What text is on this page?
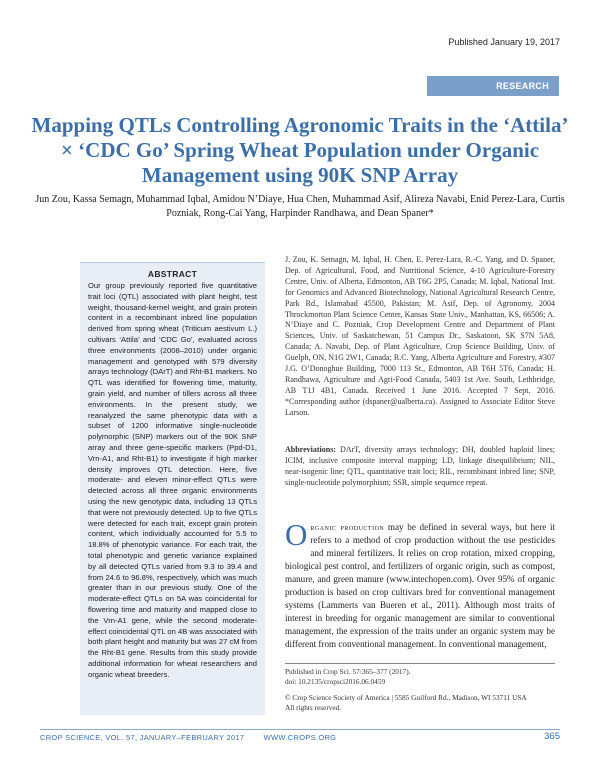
Published January 19, 2017
RESEARCH
Mapping QTLs Controlling Agronomic Traits in the ‘Attila’ × ‘CDC Go’ Spring Wheat Population under Organic Management using 90K SNP Array
Jun Zou, Kassa Semagn, Muhammad Iqbal, Amidou N’Diaye, Hua Chen, Muhammad Asif, Alireza Navabi, Enid Perez-Lara, Curtis Pozniak, Rong-Cai Yang, Harpinder Randhawa, and Dean Spaner*
ABSTRACT
Our group previously reported five quantitative trait loci (QTL) associated with plant height, test weight, thousand-kernel weight, and grain protein content in a recombinant inbred line population derived from spring wheat (Triticum aestivum L.) cultivars ‘Attila’ and ‘CDC Go’, evaluated across three environments (2008–2010) under organic management and genotyped with 579 diversity arrays technology (DArT) and Rht-B1 markers. No QTL was identified for flowering time, maturity, grain yield, and number of tillers across all three environments. In the present study, we reanalyzed the same phenotypic data with a subset of 1200 informative single-nucleotide polymorphic (SNP) markers out of the 90K SNP array and three gene-specific markers (Ppd-D1, Vrn-A1, and Rht-B1) to investigate if high marker density improves QTL detection. Here, five moderate- and eleven minor-effect QTLs were detected across all three organic environments using the new genotypic data, including 13 QTLs that were not previously detected. Up to five QTLs were detected for each trait, except grain protein content, which individually accounted for 5.5 to 18.8% of phenotypic variance. For each trait, the total phenotypic and genetic variance explained by all detected QTLs varied from 9.3 to 39.4 and from 24.6 to 96.8%, respectively, which was much greater than in our previous study. One of the moderate-effect QTLs on 5A was coincidental for flowering time and maturity and mapped close to the Vrn-A1 gene, while the second moderate-effect coincidental QTL on 4B was associated with both plant height and maturity but was 27 cM from the Rht-B1 gene. Results from this study provide additional information for wheat researchers and organic wheat breeders.
J. Zou, K. Semagn, M. Iqbal, H. Chen, E. Perez-Lara, R.-C. Yang, and D. Spaner, Dep. of Agricultural, Food, and Nutritional Science, 4-10 Agriculture-Forestry Centre, Univ. of Alberta, Edmonton, AB T6G 2P5, Canada; M. Iqbal, National Inst. for Genomics and Advanced Biotechnology, National Agricultural Research Centre, Park Rd., Islamabad 45500, Pakistan; M. Asif, Dep. of Agronomy, 2004 Throckmorton Plant Science Center, Kansas State Univ., Manhattan, KS, 66506; A. N’Diaye and C. Pozniak, Crop Development Centre and Department of Plant Sciences, Univ. of Saskatchewan, 51 Campus Dr., Saskatoon, SK S7N 5A8, Canada; A. Navabi, Dep. of Plant Agriculture, Crop Science Building, Univ. of Guelph, ON, N1G 2W1, Canada; R.C. Yang, Alberta Agriculture and Forestry, #307 J.G. O’Donoghue Building, 7000 113 St., Edmonton, AB T6H 5T6, Canada; H. Randhawa, Agriculture and Agri-Food Canada, 5403 1st Ave. South, Lethbridge, AB T1J 4B1, Canada. Received 1 June 2016. Accepted 7 Sept. 2016. *Corresponding author (dspaner@ualberta.ca). Assigned to Associate Editor Steve Larson.
Abbreviations: DArT, diversity arrays technology; DH, doubled haploid lines; ICIM, inclusive composite interval mapping; LD, linkage disequilibrium; NIL, near-isogenic line; QTL, quantitative trait loci; RIL, recombinant inbred line; SNP, single-nucleotide polymorphism; SSR, simple sequence repeat.
Organic production may be defined in several ways, but here it refers to a method of crop production without the use pesticides and mineral fertilizers. It relies on crop rotation, mixed cropping, biological pest control, and fertilizers of organic origin, such as compost, manure, and green manure (www.intechopen.com). Over 95% of organic production is based on crop cultivars bred for conventional management systems (Lammerts van Bueren et al., 2011). Although most traits of interest in breeding for organic management are similar to conventional management, the expression of the traits under an organic system may be different from conventional management. In conventional management,
Published in Crop Sci. 57:365–377 (2017).
doi: 10.2135/cropsci2016.06.0459
© Crop Science Society of America | 5585 Guilford Rd., Madison, WI 53711 USA
All rights reserved.
CROP SCIENCE, VOL. 57, JANUARY–FEBRUARY 2017	WWW.CROPS.ORG	365
